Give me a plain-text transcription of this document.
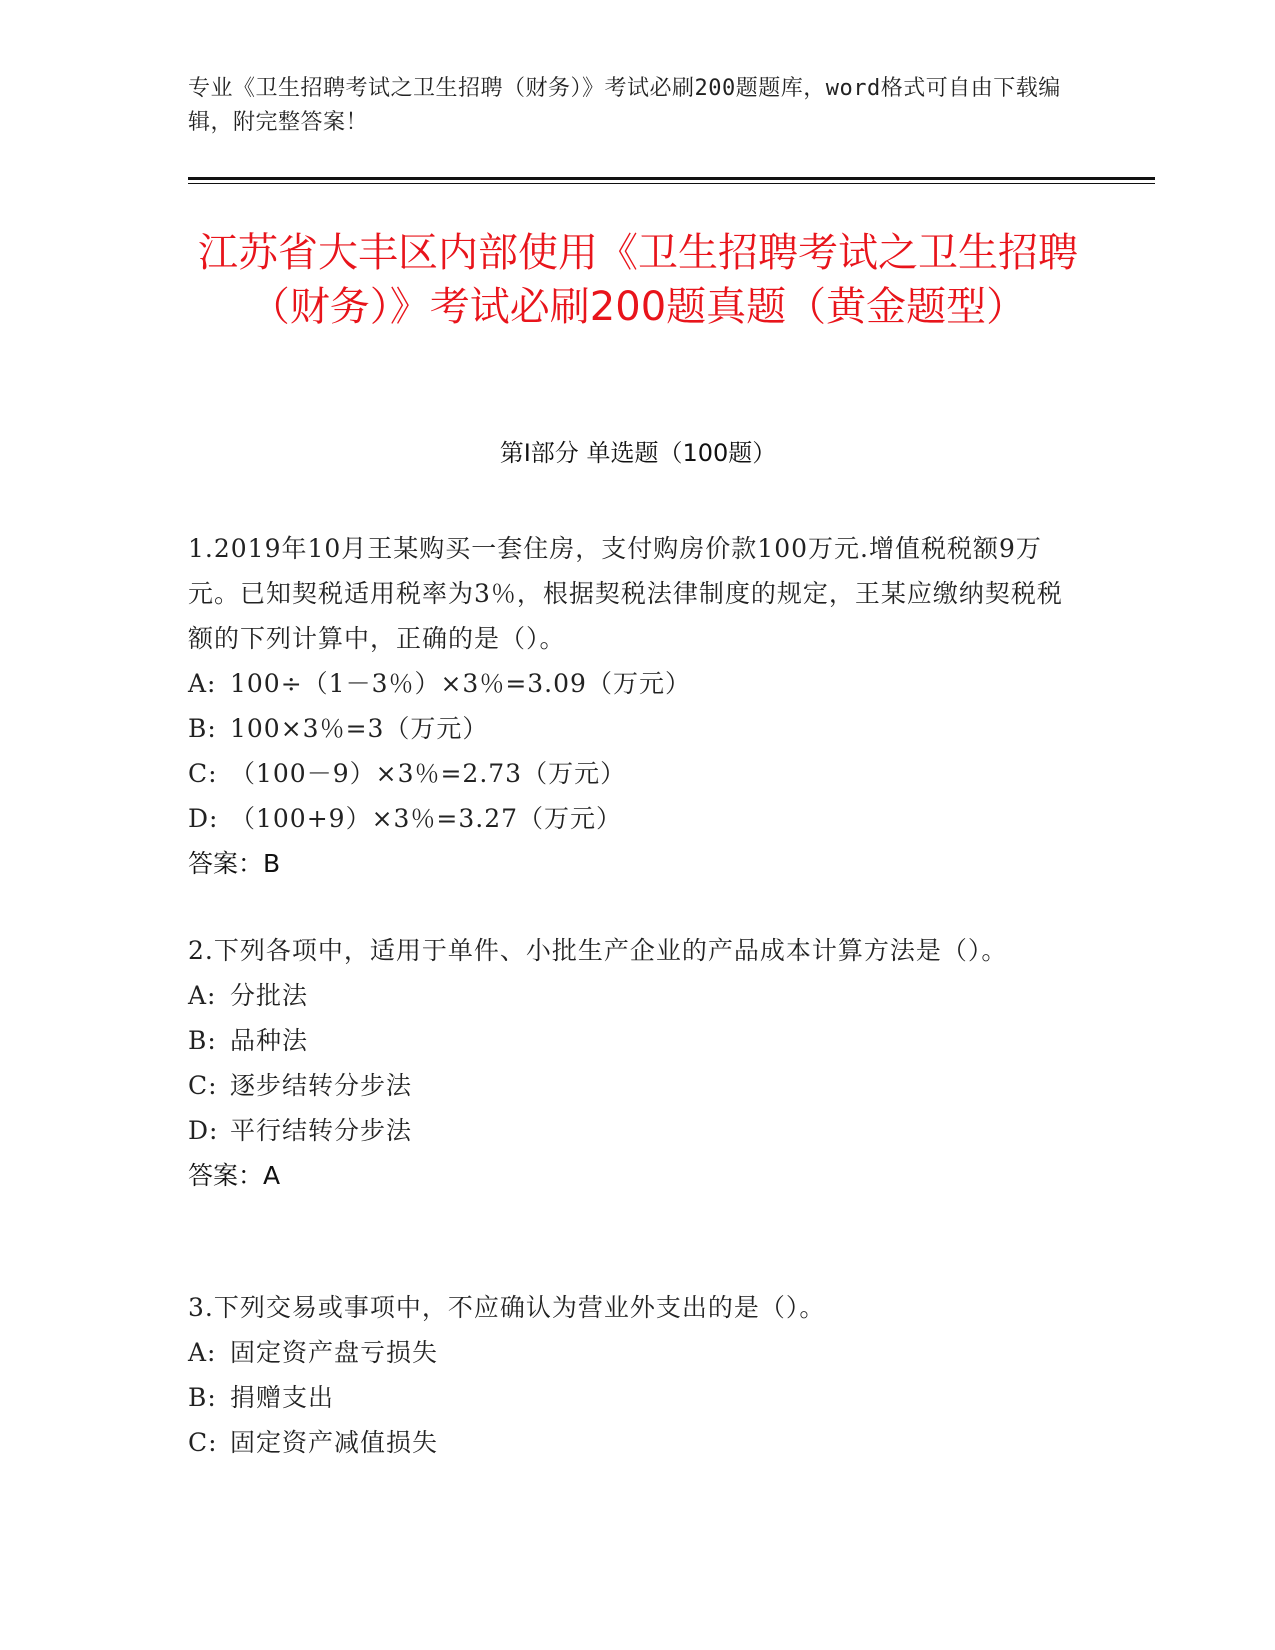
专业《卫生招聘考试之卫生招聘（财务）》考试必刷200题题库，word格式可自由下载编辑，附完整答案！
江苏省大丰区内部使用《卫生招聘考试之卫生招聘（财务）》考试必刷200题真题（黄金题型）
第Ⅰ部分 单选题（100题）
1.2019年10月王某购买一套住房，支付购房价款100万元.增值税税额9万元。已知契税适用税率为3％，根据契税法律制度的规定，王某应缴纳契税税额的下列计算中，正确的是（）。
A: 100÷（1－3％）×3％=3.09（万元）
B: 100×3％=3（万元）
C: （100－9）×3％=2.73（万元）
D: （100+9）×3％=3.27（万元）
答案：B
2.下列各项中，适用于单件、小批生产企业的产品成本计算方法是（）。
A: 分批法
B: 品种法
C: 逐步结转分步法
D: 平行结转分步法
答案：A
3.下列交易或事项中，不应确认为营业外支出的是（）。
A: 固定资产盘亏损失
B: 捐赠支出
C: 固定资产减值损失
